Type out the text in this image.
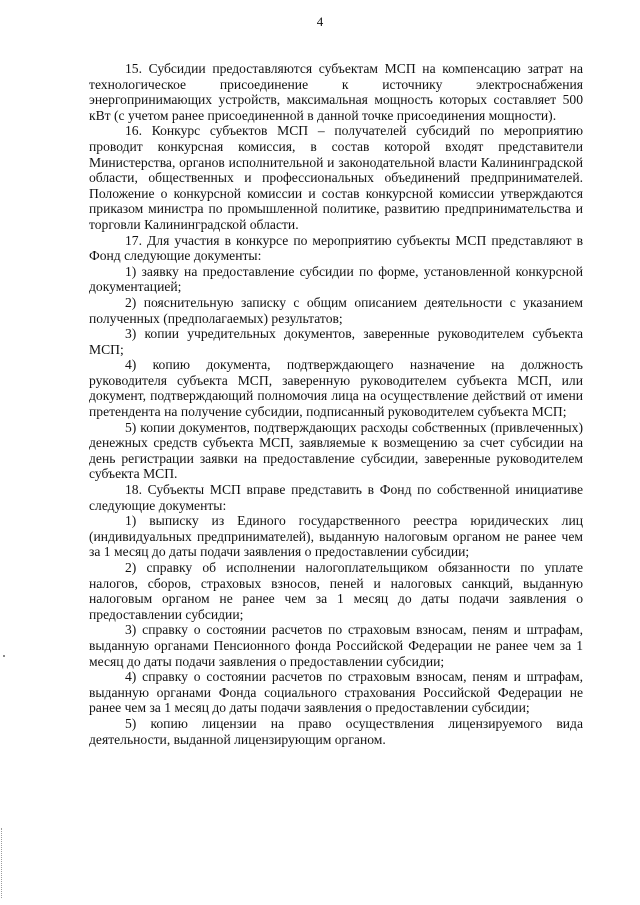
4

15. Субсидии предоставляются субъектам МСП на компенсацию затрат на технологическое присоединение к источнику электроснабжения энергопринимающих устройств, максимальная мощность которых составляет 500 кВт (с учетом ранее присоединенной в данной точке присоединения мощности).

16. Конкурс субъектов МСП – получателей субсидий по мероприятию проводит конкурсная комиссия, в состав которой входят представители Министерства, органов исполнительной и законодательной власти Калининградской области, общественных и профессиональных объединений предпринимателей. Положение о конкурсной комиссии и состав конкурсной комиссии утверждаются приказом министра по промышленной политике, развитию предпринимательства и торговли Калининградской области.

17. Для участия в конкурсе по мероприятию субъекты МСП представляют в Фонд следующие документы:

1) заявку на предоставление субсидии по форме, установленной конкурсной документацией;

2) пояснительную записку с общим описанием деятельности с указанием полученных (предполагаемых) результатов;

3) копии учредительных документов, заверенные руководителем субъекта МСП;

4) копию документа, подтверждающего назначение на должность руководителя субъекта МСП, заверенную руководителем субъекта МСП, или документ, подтверждающий полномочия лица на осуществление действий от имени претендента на получение субсидии, подписанный руководителем субъекта МСП;

5) копии документов, подтверждающих расходы собственных (привлеченных) денежных средств субъекта МСП, заявляемые к возмещению за счет субсидии на день регистрации заявки на предоставление субсидии, заверенные руководителем субъекта МСП.

18. Субъекты МСП вправе представить в Фонд по собственной инициативе следующие документы:

1) выписку из Единого государственного реестра юридических лиц (индивидуальных предпринимателей), выданную налоговым органом не ранее чем за 1 месяц до даты подачи заявления о предоставлении субсидии;

2) справку об исполнении налогоплательщиком обязанности по уплате налогов, сборов, страховых взносов, пеней и налоговых санкций, выданную налоговым органом не ранее чем за 1 месяц до даты подачи заявления о предоставлении субсидии;

3) справку о состоянии расчетов по страховым взносам, пеням и штрафам, выданную органами Пенсионного фонда Российской Федерации не ранее чем за 1 месяц до даты подачи заявления о предоставлении субсидии;

4) справку о состоянии расчетов по страховым взносам, пеням и штрафам, выданную органами Фонда социального страхования Российской Федерации не ранее чем за 1 месяц до даты подачи заявления о предоставлении субсидии;

5) копию лицензии на право осуществления лицензируемого вида деятельности, выданной лицензирующим органом.
